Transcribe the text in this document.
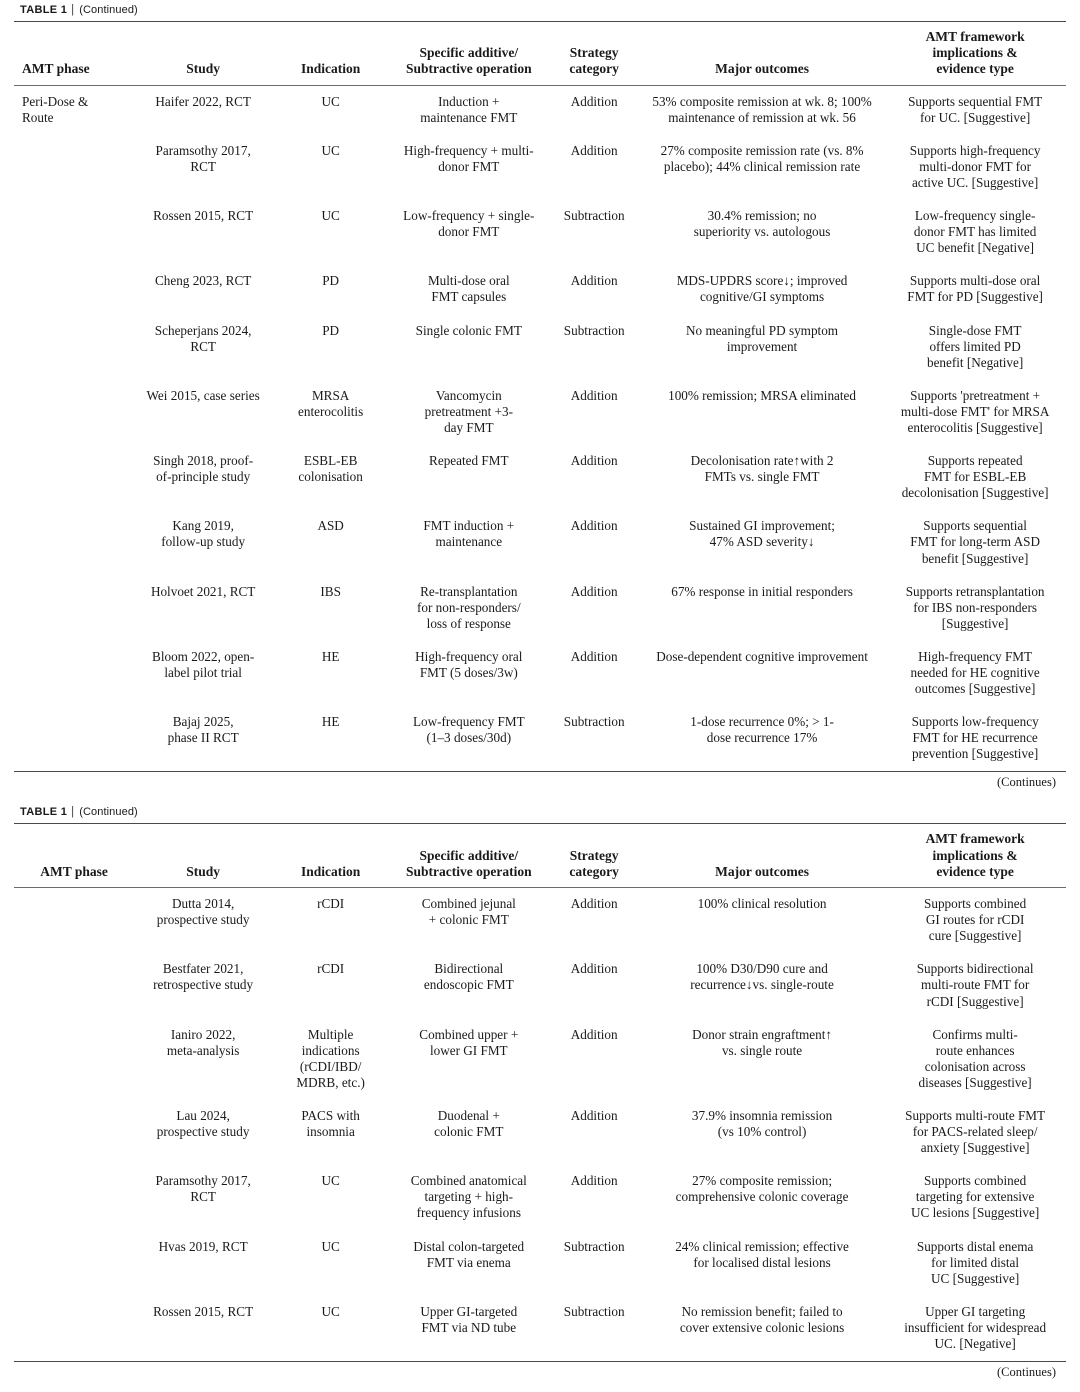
TABLE 1 | (Continued)
AMT phase	Study	Indication	Specific additive/
Subtractive operation	Strategy
category	Major outcomes	AMT framework
implications &
evidence type
Peri-Dose &
Route	Haifer 2022, RCT	UC	Induction +
maintenance FMT	Addition	53% composite remission at wk. 8; 100%
maintenance of remission at wk. 56	Supports sequential FMT
for UC. [Suggestive]
	Paramsothy 2017, RCT	UC	High-frequency + multi-
donor FMT	Addition	27% composite remission rate (vs. 8%
placebo); 44% clinical remission rate	Supports high-frequency
multi-donor FMT for
active UC. [Suggestive]
	Rossen 2015, RCT	UC	Low-frequency + single-
donor FMT	Subtraction	30.4% remission; no
superiority vs. autologous	Low-frequency single-
donor FMT has limited
UC benefit [Negative]
	Cheng 2023, RCT	PD	Multi-dose oral
FMT capsules	Addition	MDS-UPDRS score↓; improved
cognitive/GI symptoms	Supports multi-dose oral
FMT for PD [Suggestive]
	Scheperjans 2024, RCT	PD	Single colonic FMT	Subtraction	No meaningful PD symptom
improvement	Single-dose FMT
offers limited PD
benefit [Negative]
	Wei 2015, case series	MRSA enterocolitis	Vancomycin
pretreatment +3-
day FMT	Addition	100% remission; MRSA eliminated	Supports 'pretreatment +
multi-dose FMT' for MRSA
enterocolitis [Suggestive]
	Singh 2018, proof-
of-principle study	ESBL-EB
colonisation	Repeated FMT	Addition	Decolonisation rate↑with 2
FMTs vs. single FMT	Supports repeated
FMT for ESBL-EB
decolonisation [Suggestive]
	Kang 2019,
follow-up study	ASD	FMT induction +
maintenance	Addition	Sustained GI improvement;
47% ASD severity↓	Supports sequential
FMT for long-term ASD
benefit [Suggestive]
	Holvoet 2021, RCT	IBS	Re-transplantation
for non-responders/
loss of response	Addition	67% response in initial responders	Supports retransplantation
for IBS non-responders
[Suggestive]
	Bloom 2022, open-
label pilot trial	HE	High-frequency oral
FMT (5 doses/3w)	Addition	Dose-dependent cognitive improvement	High-frequency FMT
needed for HE cognitive
outcomes [Suggestive]
	Bajaj 2025,
phase II RCT	HE	Low-frequency FMT
(1–3 doses/30d)	Subtraction	1-dose recurrence 0%; > 1-
dose recurrence 17%	Supports low-frequency
FMT for HE recurrence
prevention [Suggestive]
(Continues)
TABLE 1 | (Continued)
AMT phase	Study	Indication	Specific additive/
Subtractive operation	Strategy
category	Major outcomes	AMT framework
implications &
evidence type
	Dutta 2014,
prospective study	rCDI	Combined jejunal
+ colonic FMT	Addition	100% clinical resolution	Supports combined
GI routes for rCDI
cure [Suggestive]
	Bestfater 2021,
retrospective study	rCDI	Bidirectional
endoscopic FMT	Addition	100% D30/D90 cure and
recurrence↓vs. single-route	Supports bidirectional
multi-route FMT for
rCDI [Suggestive]
	Ianiro 2022,
meta-analysis	Multiple indications
(rCDI/IBD/
MDRB, etc.)	Combined upper +
lower GI FMT	Addition	Donor strain engraftment↑
vs. single route	Confirms multi-
route enhances
colonisation across
diseases [Suggestive]
	Lau 2024,
prospective study	PACS with insomnia	Duodenal +
colonic FMT	Addition	37.9% insomnia remission
(vs 10% control)	Supports multi-route FMT
for PACS-related sleep/
anxiety [Suggestive]
	Paramsothy 2017, RCT	UC	Combined anatomical
targeting + high-
frequency infusions	Addition	27% composite remission;
comprehensive colonic coverage	Supports combined
targeting for extensive
UC lesions [Suggestive]
	Hvas 2019, RCT	UC	Distal colon-targeted
FMT via enema	Subtraction	24% clinical remission; effective
for localised distal lesions	Supports distal enema
for limited distal
UC [Suggestive]
	Rossen 2015, RCT	UC	Upper GI-targeted
FMT via ND tube	Subtraction	No remission benefit; failed to
cover extensive colonic lesions	Upper GI targeting
insufficient for widespread
UC. [Negative]
(Continues)
